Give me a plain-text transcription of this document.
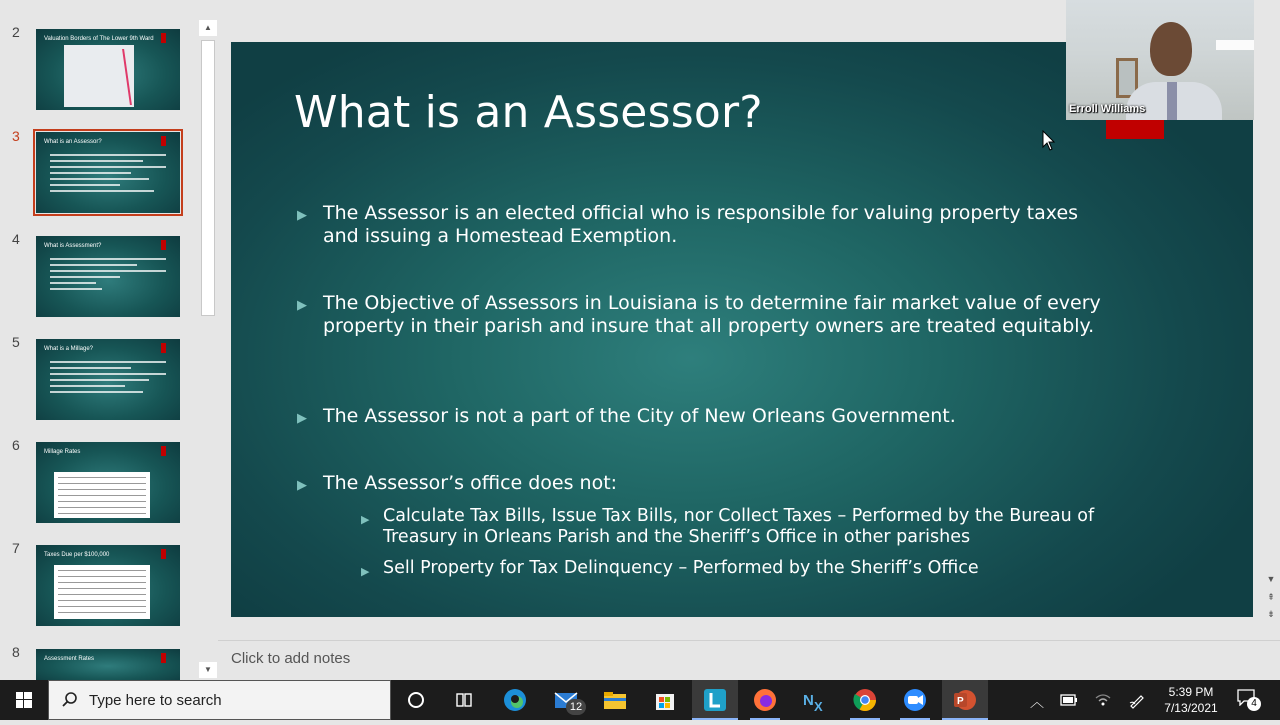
2	Valuation Borders of The Lower 9th Ward
3	What is an Assessor?
4	What is Assessment?
5	What is a Millage?
6	Millage Rates
7	Taxes Due per $100,000
8	Assessment Rates
▲
▼
What is an Assessor?
▶ The Assessor is an elected official who is responsible for valuing property taxes and issuing a Homestead Exemption.
▶ The Objective of Assessors in Louisiana is to determine fair market value of every property in their parish and insure that all property owners are treated equitably.
▶ The Assessor is not a part of the City of New Orleans Government.
▶ The Assessor’s office does not:
▶ Calculate Tax Bills, Issue Tax Bills, nor Collect Taxes – Performed by the Bureau of Treasury in Orleans Parish and the Sheriff’s Office in other parishes
▶ Sell Property for Tax Delinquency – Performed by the Sheriff’s Office
Erroll Williams
▼
⇞
⇟
Click to add notes
Type here to search	12	N X	P	︿
5:39 PM
7/13/2021	4
